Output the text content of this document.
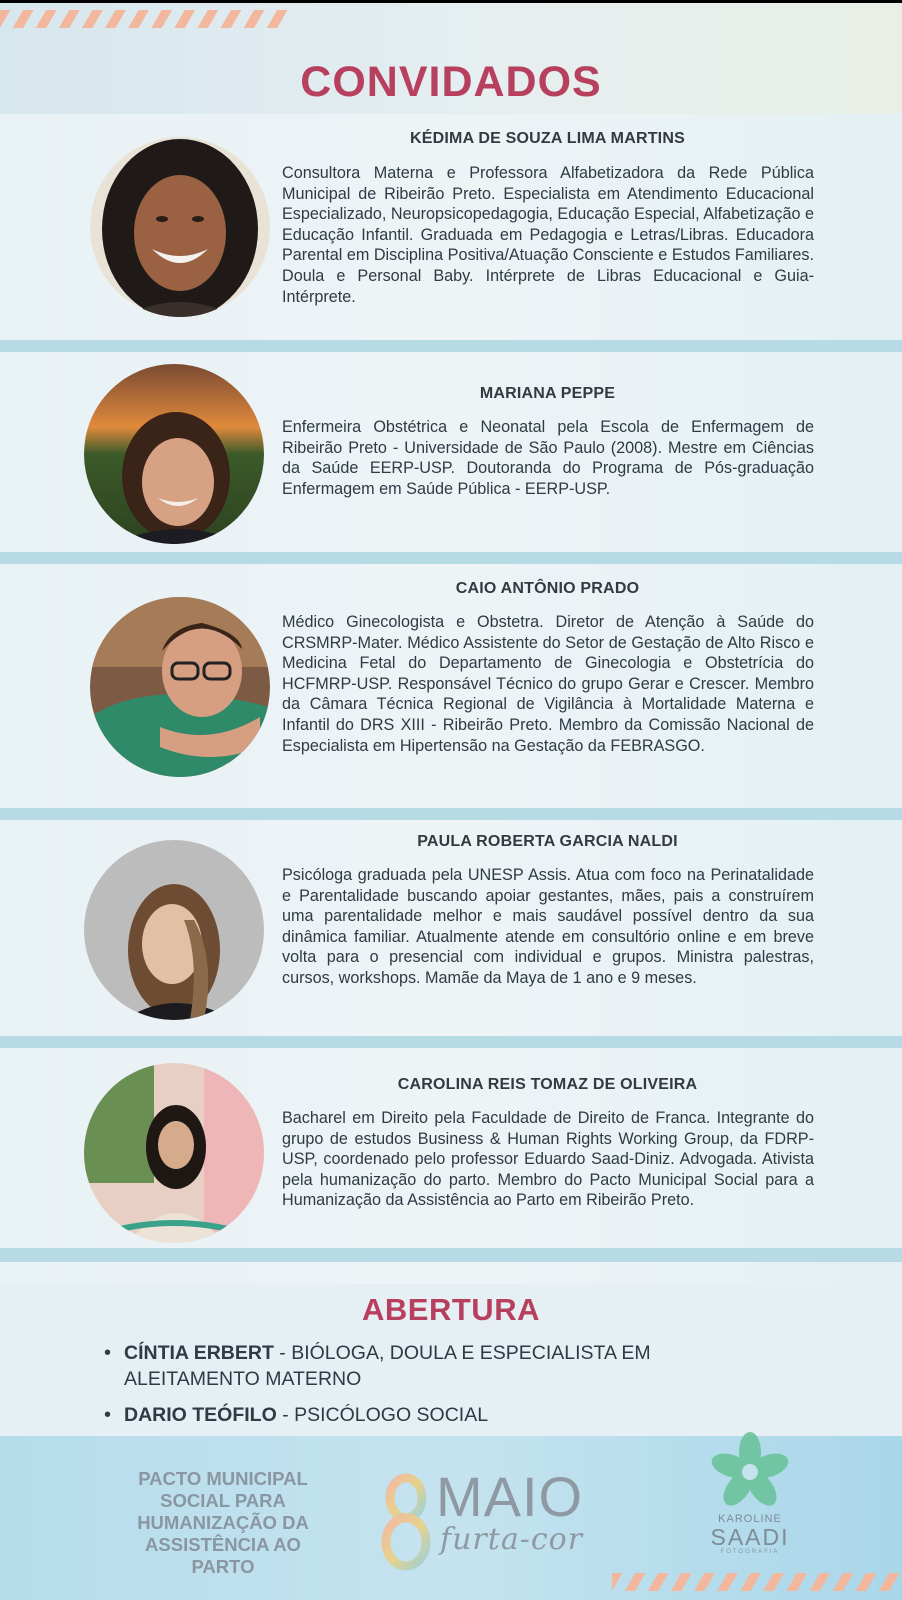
CONVIDADOS
KÉDIMA DE SOUZA LIMA MARTINS

Consultora Materna e Professora Alfabetizadora da Rede Pública Municipal de Ribeirão Preto. Especialista em Atendimento Educacional Especializado, Neuropsicopedagogia, Educação Especial, Alfabetização e Educação Infantil. Graduada em Pedagogia e Letras/Libras. Educadora Parental em Disciplina Positiva/Atuação Consciente e Estudos Familiares. Doula e Personal Baby. Intérprete de Libras Educacional e Guia-Intérprete.

MARIANA PEPPE

Enfermeira Obstétrica e Neonatal pela Escola de Enfermagem de Ribeirão Preto - Universidade de São Paulo (2008). Mestre em Ciências da Saúde EERP-USP. Doutoranda do Programa de Pós-graduação Enfermagem em Saúde Pública - EERP-USP.

CAIO ANTÔNIO PRADO

Médico Ginecologista e Obstetra. Diretor de Atenção à Saúde do CRSMRP-Mater. Médico Assistente do Setor de Gestação de Alto Risco e Medicina Fetal do Departamento de Ginecologia e Obstetrícia do HCFMRP-USP. Responsável Técnico do grupo Gerar e Crescer. Membro da Câmara Técnica Regional de Vigilância à Mortalidade Materna e Infantil do DRS XIII - Ribeirão Preto. Membro da Comissão Nacional de Especialista em Hipertensão na Gestação da FEBRASGO.

PAULA ROBERTA GARCIA NALDI

Psicóloga graduada pela UNESP Assis. Atua com foco na Perinatalidade e Parentalidade buscando apoiar gestantes, mães, pais a construírem uma parentalidade melhor e mais saudável possível dentro da sua dinâmica familiar. Atualmente atende em consultório online e em breve volta para o presencial com individual e grupos. Ministra palestras, cursos, workshops. Mamãe da Maya de 1 ano e 9 meses.

CAROLINA REIS TOMAZ DE OLIVEIRA

Bacharel em Direito pela Faculdade de Direito de Franca. Integrante do grupo de estudos Business & Human Rights Working Group, da FDRP-USP, coordenado pelo professor Eduardo Saad-Diniz. Advogada. Ativista pela humanização do parto. Membro do Pacto Municipal Social para a Humanização da Assistência ao Parto em Ribeirão Preto.

ABERTURA
• CÍNTIA ERBERT - BIÓLOGA, DOULA E ESPECIALISTA EM ALEITAMENTO MATERNO
• DARIO TEÓFILO - PSICÓLOGO SOCIAL
PACTO MUNICIPAL
SOCIAL PARA
HUMANIZAÇÃO DA
ASSISTÊNCIA AO
PARTO
MAIO
furta-cor
KAROLINE
SAADI
FOTOGRAFIA
